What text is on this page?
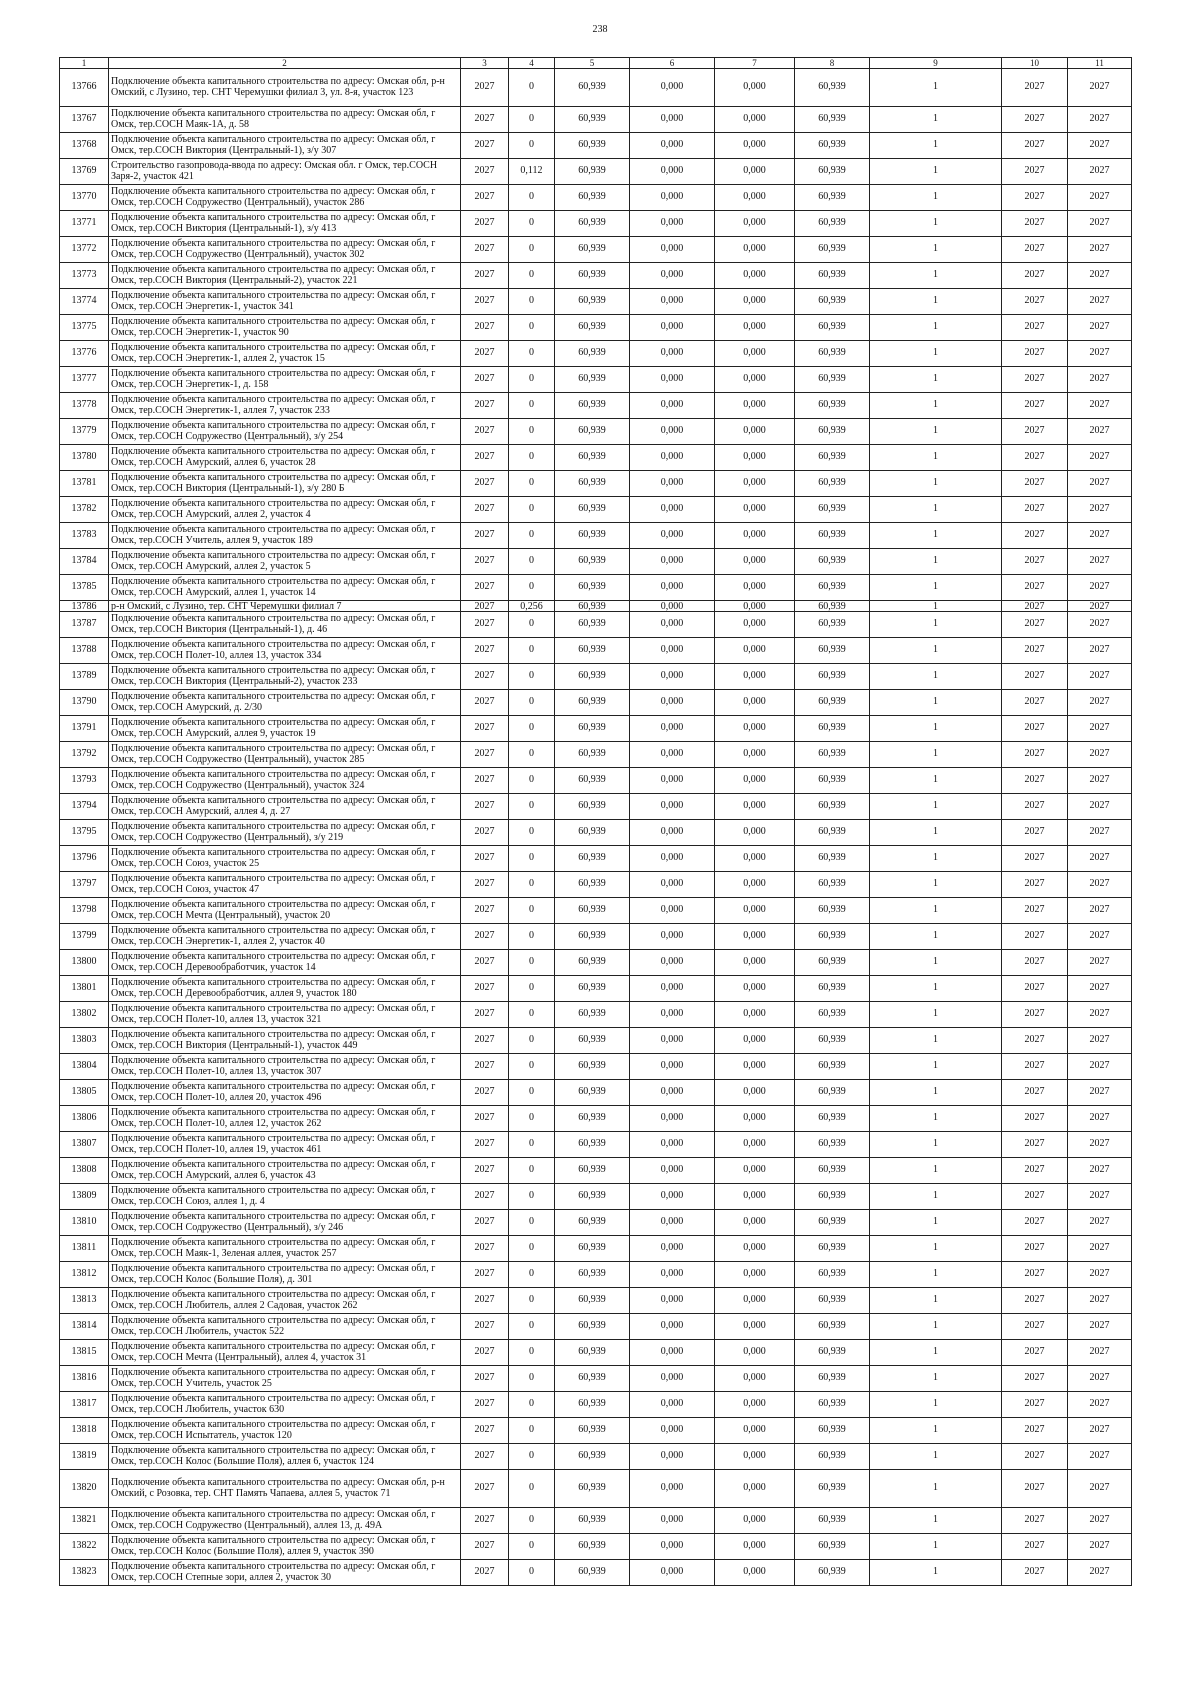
238
1	2	3	4	5	6	7	8	9	10	11
13766	Подключение объекта капитального строительства по адресу: Омская обл, р-н Омский, с Лузино, тер. СНТ Черемушки филиал 3, ул. 8-я, участок 123	2027	0	60,939	0,000	0,000	60,939	1	2027	2027
13767	Подключение объекта капитального строительства по адресу: Омская обл, г Омск, тер.СОСН Маяк-1А, д. 58	2027	0	60,939	0,000	0,000	60,939	1	2027	2027
13768	Подключение объекта капитального строительства по адресу: Омская обл, г Омск, тер.СОСН Виктория (Центральный-1), з/у 307	2027	0	60,939	0,000	0,000	60,939	1	2027	2027
13769	Строительство газопровода-ввода по адресу: Омская обл. г Омск, тер.СОСН Заря-2, участок 421	2027	0,112	60,939	0,000	0,000	60,939	1	2027	2027
13770	Подключение объекта капитального строительства по адресу: Омская обл, г Омск, тер.СОСН Содружество (Центральный), участок 286	2027	0	60,939	0,000	0,000	60,939	1	2027	2027
13771	Подключение объекта капитального строительства по адресу: Омская обл, г Омск, тер.СОСН Виктория (Центральный-1), з/у 413	2027	0	60,939	0,000	0,000	60,939	1	2027	2027
13772	Подключение объекта капитального строительства по адресу: Омская обл, г Омск, тер.СОСН Содружество (Центральный), участок 302	2027	0	60,939	0,000	0,000	60,939	1	2027	2027
13773	Подключение объекта капитального строительства по адресу: Омская обл, г Омск, тер.СОСН Виктория (Центральный-2), участок 221	2027	0	60,939	0,000	0,000	60,939	1	2027	2027
13774	Подключение объекта капитального строительства по адресу: Омская обл, г Омск, тер.СОСН Энергетик-1, участок 341	2027	0	60,939	0,000	0,000	60,939	1	2027	2027
13775	Подключение объекта капитального строительства по адресу: Омская обл, г Омск, тер.СОСН Энергетик-1, участок 90	2027	0	60,939	0,000	0,000	60,939	1	2027	2027
13776	Подключение объекта капитального строительства по адресу: Омская обл, г Омск, тер.СОСН Энергетик-1, аллея 2, участок 15	2027	0	60,939	0,000	0,000	60,939	1	2027	2027
13777	Подключение объекта капитального строительства по адресу: Омская обл, г Омск, тер.СОСН Энергетик-1, д. 158	2027	0	60,939	0,000	0,000	60,939	1	2027	2027
13778	Подключение объекта капитального строительства по адресу: Омская обл, г Омск, тер.СОСН Энергетик-1, аллея 7, участок 233	2027	0	60,939	0,000	0,000	60,939	1	2027	2027
13779	Подключение объекта капитального строительства по адресу: Омская обл, г Омск, тер.СОСН Содружество (Центральный), з/у 254	2027	0	60,939	0,000	0,000	60,939	1	2027	2027
13780	Подключение объекта капитального строительства по адресу: Омская обл, г Омск, тер.СОСН Амурский, аллея 6, участок 28	2027	0	60,939	0,000	0,000	60,939	1	2027	2027
13781	Подключение объекта капитального строительства по адресу: Омская обл, г Омск, тер.СОСН Виктория (Центральный-1), з/у 280 Б	2027	0	60,939	0,000	0,000	60,939	1	2027	2027
13782	Подключение объекта капитального строительства по адресу: Омская обл, г Омск, тер.СОСН Амурский, аллея 2, участок 4	2027	0	60,939	0,000	0,000	60,939	1	2027	2027
13783	Подключение объекта капитального строительства по адресу: Омская обл, г Омск, тер.СОСН Учитель, аллея 9, участок 189	2027	0	60,939	0,000	0,000	60,939	1	2027	2027
13784	Подключение объекта капитального строительства по адресу: Омская обл, г Омск, тер.СОСН Амурский, аллея 2, участок 5	2027	0	60,939	0,000	0,000	60,939	1	2027	2027
13785	Подключение объекта капитального строительства по адресу: Омская обл, г Омск, тер.СОСН Амурский, аллея 1, участок 14	2027	0	60,939	0,000	0,000	60,939	1	2027	2027
13786	р-н Омский, с Лузино, тер. СНТ Черемушки филиал 7	2027	0,256	60,939	0,000	0,000	60,939	1	2027	2027
13787	Подключение объекта капитального строительства по адресу: Омская обл, г Омск, тер.СОСН Виктория (Центральный-1), д. 46	2027	0	60,939	0,000	0,000	60,939	1	2027	2027
13788	Подключение объекта капитального строительства по адресу: Омская обл, г Омск, тер.СОСН Полет-10, аллея 13, участок 334	2027	0	60,939	0,000	0,000	60,939	1	2027	2027
13789	Подключение объекта капитального строительства по адресу: Омская обл, г Омск, тер.СОСН Виктория (Центральный-2), участок 233	2027	0	60,939	0,000	0,000	60,939	1	2027	2027
13790	Подключение объекта капитального строительства по адресу: Омская обл, г Омск, тер.СОСН Амурский, д. 2/30	2027	0	60,939	0,000	0,000	60,939	1	2027	2027
13791	Подключение объекта капитального строительства по адресу: Омская обл, г Омск, тер.СОСН Амурский, аллея 9, участок 19	2027	0	60,939	0,000	0,000	60,939	1	2027	2027
13792	Подключение объекта капитального строительства по адресу: Омская обл, г Омск, тер.СОСН Содружество (Центральный), участок 285	2027	0	60,939	0,000	0,000	60,939	1	2027	2027
13793	Подключение объекта капитального строительства по адресу: Омская обл, г Омск, тер.СОСН Содружество (Центральный), участок 324	2027	0	60,939	0,000	0,000	60,939	1	2027	2027
13794	Подключение объекта капитального строительства по адресу: Омская обл, г Омск, тер.СОСН Амурский, аллея 4, д. 27	2027	0	60,939	0,000	0,000	60,939	1	2027	2027
13795	Подключение объекта капитального строительства по адресу: Омская обл, г Омск, тер.СОСН Содружество (Центральный), з/у 219	2027	0	60,939	0,000	0,000	60,939	1	2027	2027
13796	Подключение объекта капитального строительства по адресу: Омская обл, г Омск, тер.СОСН Союз, участок 25	2027	0	60,939	0,000	0,000	60,939	1	2027	2027
13797	Подключение объекта капитального строительства по адресу: Омская обл, г Омск, тер.СОСН Союз, участок 47	2027	0	60,939	0,000	0,000	60,939	1	2027	2027
13798	Подключение объекта капитального строительства по адресу: Омская обл, г Омск, тер.СОСН Мечта (Центральный), участок 20	2027	0	60,939	0,000	0,000	60,939	1	2027	2027
13799	Подключение объекта капитального строительства по адресу: Омская обл, г Омск, тер.СОСН Энергетик-1, аллея 2, участок 40	2027	0	60,939	0,000	0,000	60,939	1	2027	2027
13800	Подключение объекта капитального строительства по адресу: Омская обл, г Омск, тер.СОСН Деревообработчик, участок 14	2027	0	60,939	0,000	0,000	60,939	1	2027	2027
13801	Подключение объекта капитального строительства по адресу: Омская обл, г Омск, тер.СОСН Деревообработчик, аллея 9, участок 180	2027	0	60,939	0,000	0,000	60,939	1	2027	2027
13802	Подключение объекта капитального строительства по адресу: Омская обл, г Омск, тер.СОСН Полет-10, аллея 13, участок 321	2027	0	60,939	0,000	0,000	60,939	1	2027	2027
13803	Подключение объекта капитального строительства по адресу: Омская обл, г Омск, тер.СОСН Виктория (Центральный-1), участок 449	2027	0	60,939	0,000	0,000	60,939	1	2027	2027
13804	Подключение объекта капитального строительства по адресу: Омская обл, г Омск, тер.СОСН Полет-10, аллея 13, участок 307	2027	0	60,939	0,000	0,000	60,939	1	2027	2027
13805	Подключение объекта капитального строительства по адресу: Омская обл, г Омск, тер.СОСН Полет-10, аллея 20, участок 496	2027	0	60,939	0,000	0,000	60,939	1	2027	2027
13806	Подключение объекта капитального строительства по адресу: Омская обл, г Омск, тер.СОСН Полет-10, аллея 12, участок 262	2027	0	60,939	0,000	0,000	60,939	1	2027	2027
13807	Подключение объекта капитального строительства по адресу: Омская обл, г Омск, тер.СОСН Полет-10, аллея 19, участок 461	2027	0	60,939	0,000	0,000	60,939	1	2027	2027
13808	Подключение объекта капитального строительства по адресу: Омская обл, г Омск, тер.СОСН Амурский, аллея 6, участок 43	2027	0	60,939	0,000	0,000	60,939	1	2027	2027
13809	Подключение объекта капитального строительства по адресу: Омская обл, г Омск, тер.СОСН Союз, аллея 1, д. 4	2027	0	60,939	0,000	0,000	60,939	1	2027	2027
13810	Подключение объекта капитального строительства по адресу: Омская обл, г Омск, тер.СОСН Содружество (Центральный), з/у 246	2027	0	60,939	0,000	0,000	60,939	1	2027	2027
13811	Подключение объекта капитального строительства по адресу: Омская обл, г Омск, тер.СОСН Маяк-1, Зеленая аллея, участок 257	2027	0	60,939	0,000	0,000	60,939	1	2027	2027
13812	Подключение объекта капитального строительства по адресу: Омская обл, г Омск, тер.СОСН Колос (Большие Поля), д. 301	2027	0	60,939	0,000	0,000	60,939	1	2027	2027
13813	Подключение объекта капитального строительства по адресу: Омская обл, г Омск, тер.СОСН Любитель, аллея 2 Садовая, участок 262	2027	0	60,939	0,000	0,000	60,939	1	2027	2027
13814	Подключение объекта капитального строительства по адресу: Омская обл, г Омск, тер.СОСН Любитель, участок 522	2027	0	60,939	0,000	0,000	60,939	1	2027	2027
13815	Подключение объекта капитального строительства по адресу: Омская обл, г Омск, тер.СОСН Мечта (Центральный), аллея 4, участок 31	2027	0	60,939	0,000	0,000	60,939	1	2027	2027
13816	Подключение объекта капитального строительства по адресу: Омская обл, г Омск, тер.СОСН Учитель, участок 25	2027	0	60,939	0,000	0,000	60,939	1	2027	2027
13817	Подключение объекта капитального строительства по адресу: Омская обл, г Омск, тер.СОСН Любитель, участок 630	2027	0	60,939	0,000	0,000	60,939	1	2027	2027
13818	Подключение объекта капитального строительства по адресу: Омская обл, г Омск, тер.СОСН Испытатель, участок 120	2027	0	60,939	0,000	0,000	60,939	1	2027	2027
13819	Подключение объекта капитального строительства по адресу: Омская обл, г Омск, тер.СОСН Колос (Большие Поля), аллея 6, участок 124	2027	0	60,939	0,000	0,000	60,939	1	2027	2027
13820	Подключение объекта капитального строительства по адресу: Омская обл, р-н Омский, с Розовка, тер. СНТ Память Чапаева, аллея 5, участок 71	2027	0	60,939	0,000	0,000	60,939	1	2027	2027
13821	Подключение объекта капитального строительства по адресу: Омская обл, г Омск, тер.СОСН Содружество (Центральный), аллея 13, д. 49А	2027	0	60,939	0,000	0,000	60,939	1	2027	2027
13822	Подключение объекта капитального строительства по адресу: Омская обл, г Омск, тер.СОСН Колос (Большие Поля), аллея 9, участок 390	2027	0	60,939	0,000	0,000	60,939	1	2027	2027
13823	Подключение объекта капитального строительства по адресу: Омская обл, г Омск, тер.СОСН Степные зори, аллея 2, участок 30	2027	0	60,939	0,000	0,000	60,939	1	2027	2027
